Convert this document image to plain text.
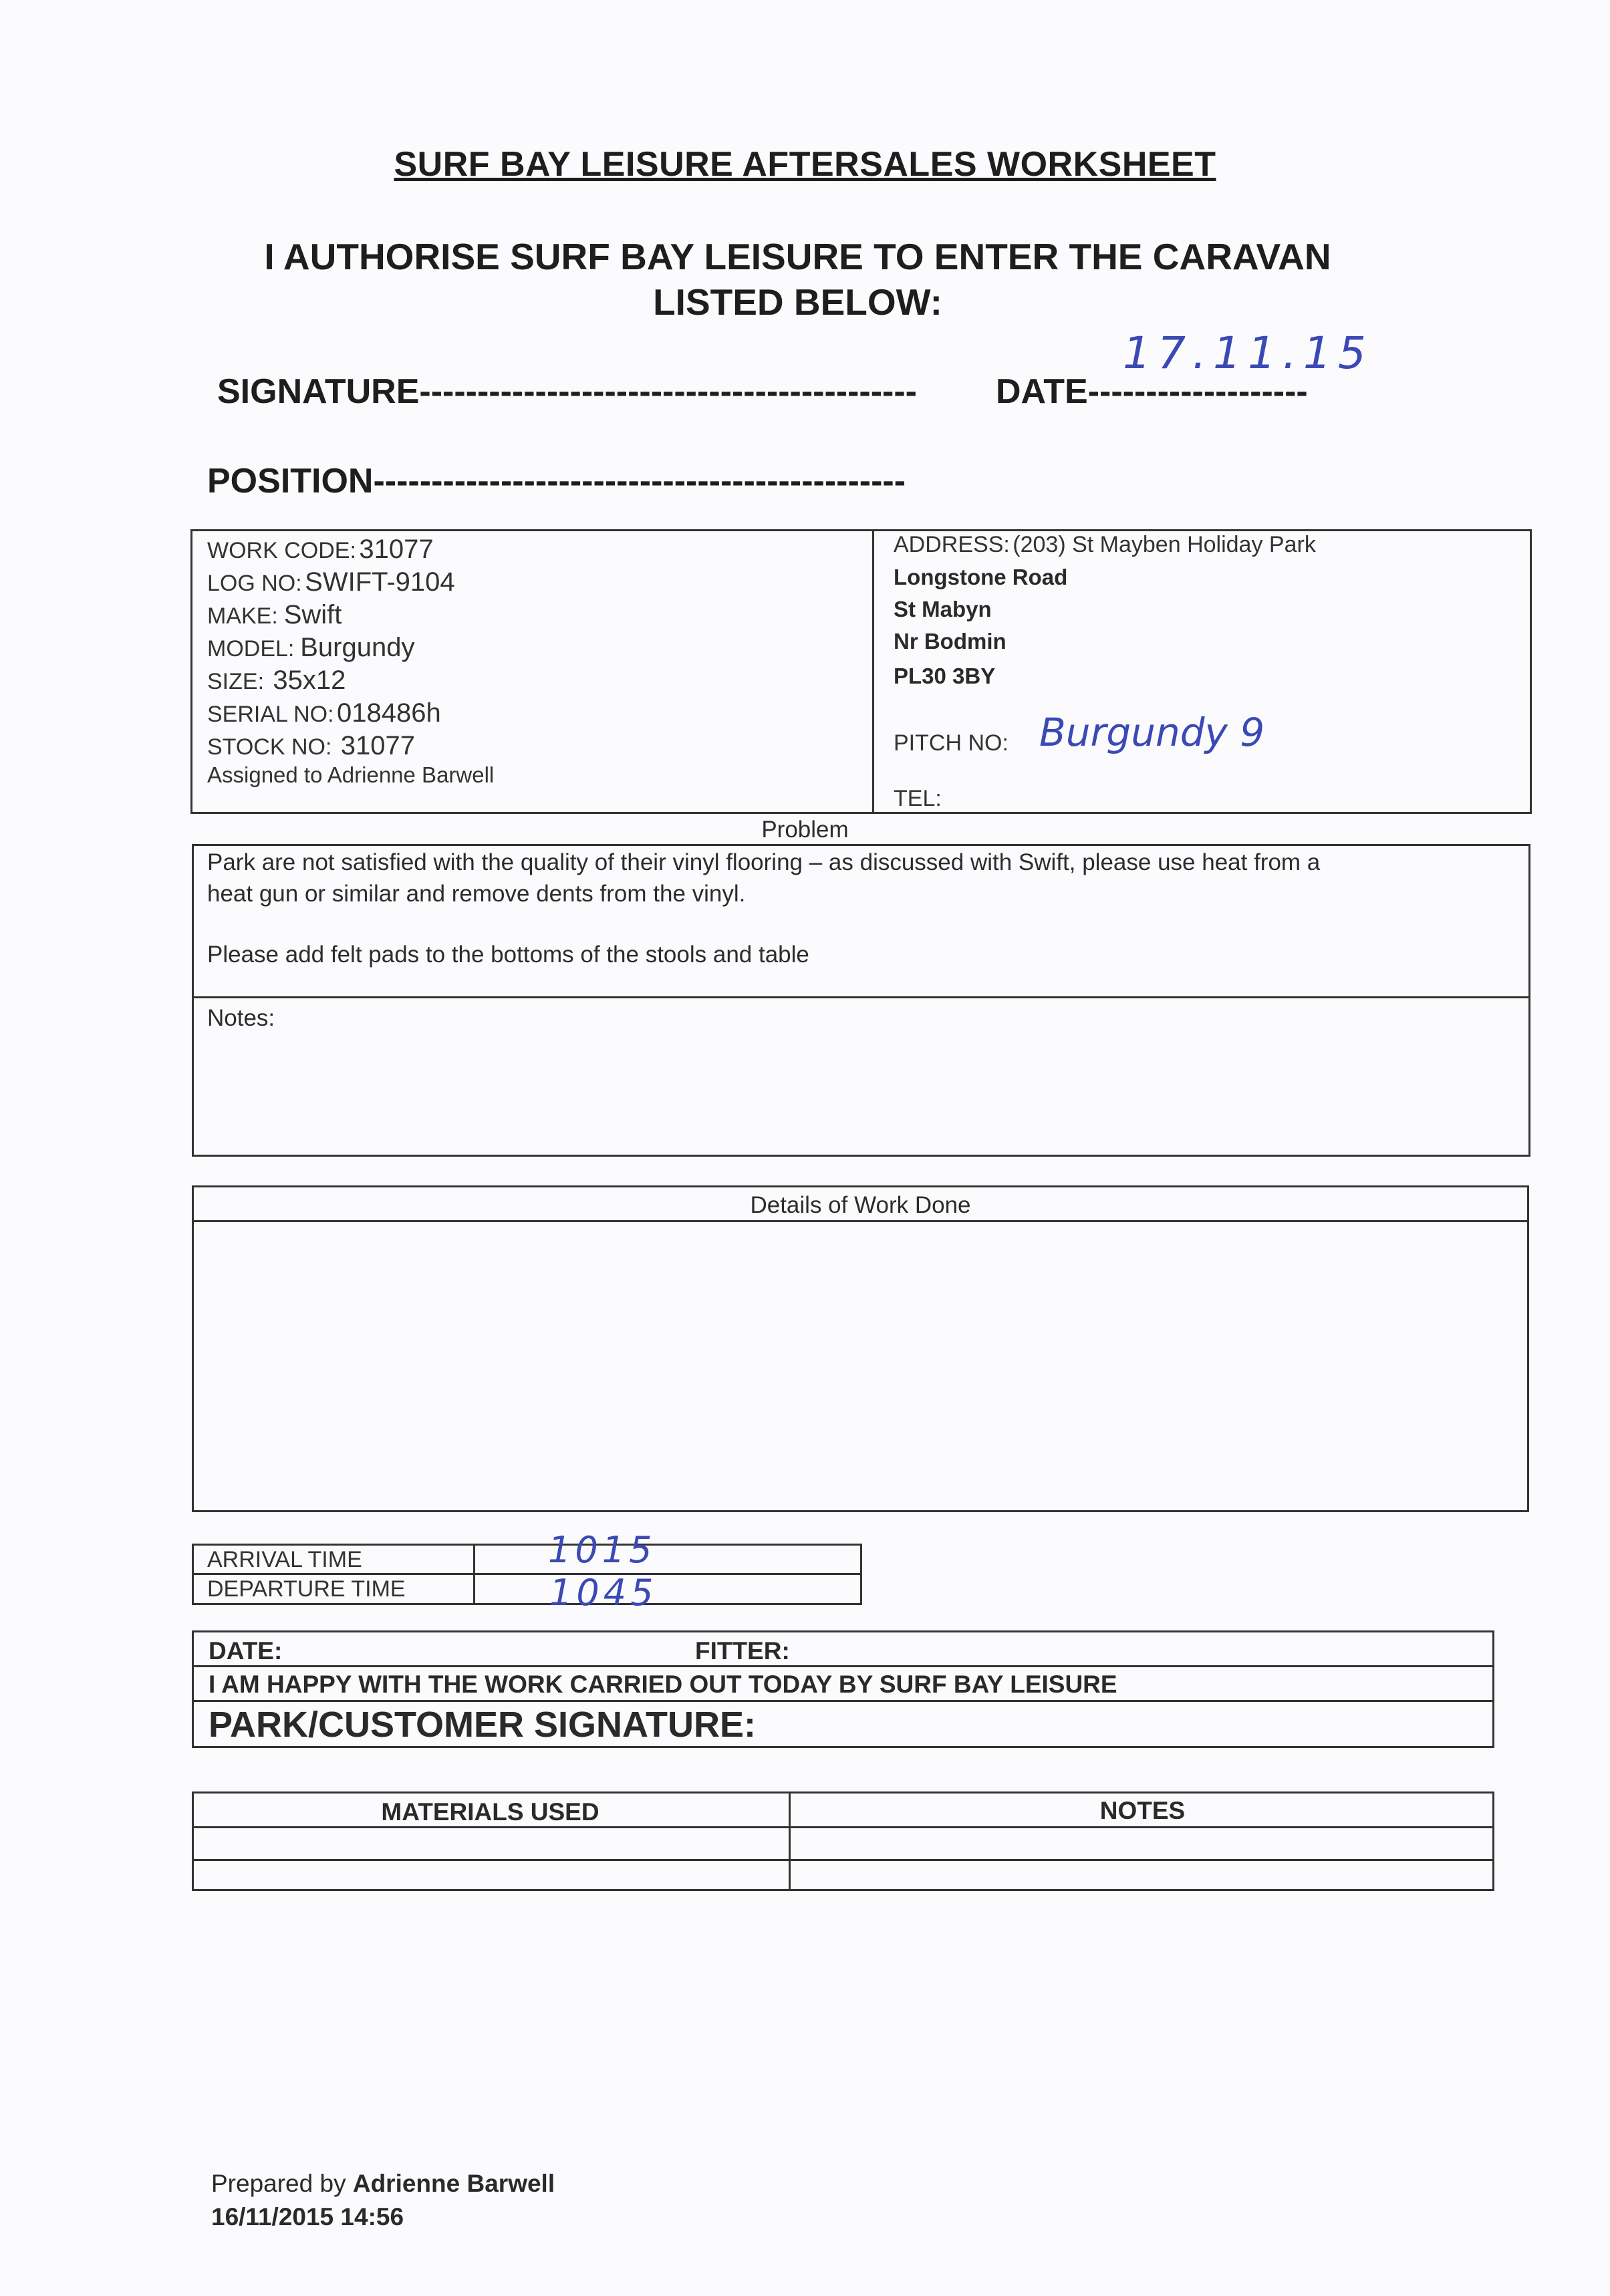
SURF BAY LEISURE AFTERSALES WORKSHEET
I AUTHORISE SURF BAY LEISURE TO ENTER THE CARAVAN
LISTED BELOW:
SIGNATURE------------------------------------------- DATE-------------------
17.11.15
POSITION----------------------------------------------
WORK CODE: 31077
LOG NO: SWIFT-9104
MAKE: Swift
MODEL: Burgundy
SIZE: 35x12
SERIAL NO: 018486h
STOCK NO: 31077
Assigned to Adrienne Barwell
ADDRESS: (203) St Mayben Holiday Park
Longstone Road
St Mabyn
Nr Bodmin
PL30 3BY
PITCH NO: Burgundy 9
TEL:
Problem
Park are not satisfied with the quality of their vinyl flooring – as discussed with Swift, please use heat from a
heat gun or similar and remove dents from the vinyl.
Please add felt pads to the bottoms of the stools and table
Notes:
Details of Work Done
ARRIVAL TIME
DEPARTURE TIME
1015
1045
DATE:	FITTER:
I AM HAPPY WITH THE WORK CARRIED OUT TODAY BY SURF BAY LEISURE
PARK/CUSTOMER SIGNATURE:
MATERIALS USED	NOTES
Prepared by Adrienne Barwell
16/11/2015 14:56
